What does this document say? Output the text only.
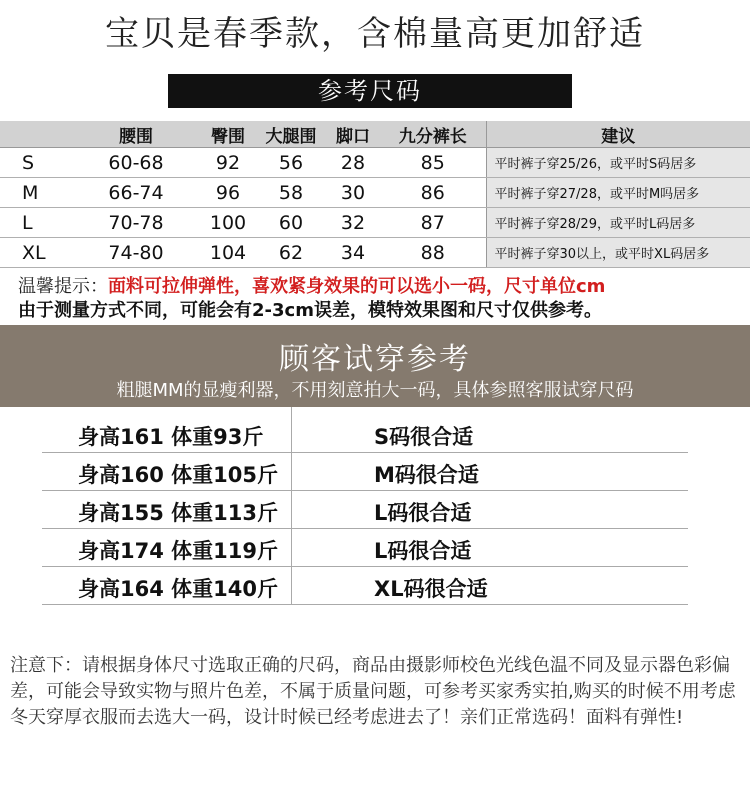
宝贝是春季款，含棉量高更加舒适
参考尺码
	腰围	臀围	大腿围	脚口	九分裤长	建议
S	60-68	92	56	28	85	平时裤子穿25/26，或平时S码居多
M	66-74	96	58	30	86	平时裤子穿27/28，或平时M吗居多
L	70-78	100	60	32	87	平时裤子穿28/29，或平时L码居多
XL	74-80	104	62	34	88	平时裤子穿30以上，或平时XL码居多
温馨提示：面料可拉伸弹性，喜欢紧身效果的可以选小一码，尺寸单位cm
由于测量方式不同，可能会有2-3cm误差，模特效果图和尺寸仅供参考。
顾客试穿参考
粗腿MM的显瘦利器，不用刻意拍大一码，具体参照客服试穿尺码
身高161 体重93斤	S码很合适
身高160 体重105斤	M码很合适
身高155 体重113斤	L码很合适
身高174 体重119斤	L码很合适
身高164 体重140斤	XL码很合适
注意下：请根据身体尺寸选取正确的尺码，商品由摄影师校色光线色温不同及显示器色彩偏差，可能会导致实物与照片色差，不属于质量问题，可参考买家秀实拍,购买的时候不用考虑冬天穿厚衣服而去选大一码，设计时候已经考虑进去了！亲们正常选码！面料有弹性!
